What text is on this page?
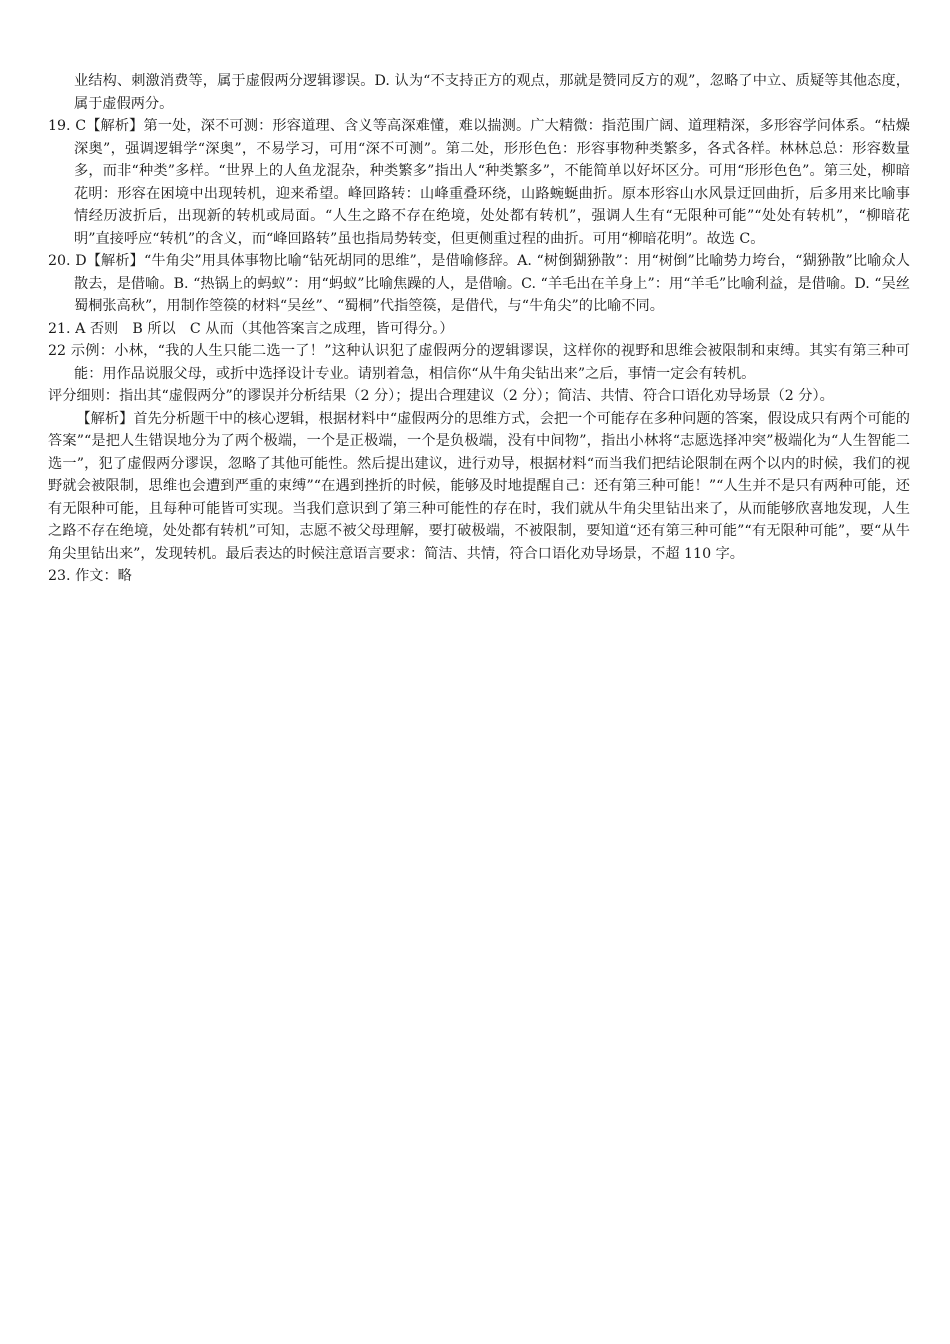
业结构、刺激消费等，属于虚假两分逻辑谬误。D. 认为“不支持正方的观点，那就是赞同反方的观”，忽略了中立、质疑等其他态度，属于虚假两分。

19. C【解析】第一处，深不可测：形容道理、含义等高深难懂，难以揣测。广大精微：指范围广阔、道理精深，多形容学问体系。“枯燥深奥”，强调逻辑学“深奥”，不易学习，可用“深不可测”。第二处，形形色色：形容事物种类繁多，各式各样。林林总总：形容数量多，而非“种类”多样。“世界上的人鱼龙混杂，种类繁多”指出人“种类繁多”，不能简单以好坏区分。可用“形形色色”。第三处，柳暗花明：形容在困境中出现转机，迎来希望。峰回路转：山峰重叠环绕，山路蜿蜒曲折。原本形容山水风景迂回曲折，后多用来比喻事情经历波折后，出现新的转机或局面。“人生之路不存在绝境，处处都有转机”，强调人生有“无限种可能”“处处有转机”，“柳暗花明”直接呼应“转机”的含义，而“峰回路转”虽也指局势转变，但更侧重过程的曲折。可用“柳暗花明”。故选 C。

20. D【解析】“牛角尖”用具体事物比喻“钻死胡同的思维”，是借喻修辞。A. “树倒猢狲散”：用“树倒”比喻势力垮台，“猢狲散”比喻众人散去，是借喻。B. “热锅上的蚂蚁”：用“蚂蚁”比喻焦躁的人，是借喻。C. “羊毛出在羊身上”：用“羊毛”比喻利益，是借喻。D. “吴丝蜀桐张高秋”，用制作箜篌的材料“吴丝”、“蜀桐”代指箜篌，是借代，与“牛角尖”的比喻不同。

21. A 否则　B 所以　C 从而（其他答案言之成理，皆可得分。）

22 示例：小林，“我的人生只能二选一了！”这种认识犯了虚假两分的逻辑谬误，这样你的视野和思维会被限制和束缚。其实有第三种可能：用作品说服父母，或折中选择设计专业。请别着急，相信你“从牛角尖钻出来”之后，事情一定会有转机。

评分细则：指出其“虚假两分”的谬误并分析结果（2 分）；提出合理建议（2 分）；简洁、共情、符合口语化劝导场景（2 分）。

【解析】首先分析题干中的核心逻辑，根据材料中“虚假两分的思维方式，会把一个可能存在多种问题的答案，假设成只有两个可能的答案”“是把人生错误地分为了两个极端，一个是正极端，一个是负极端，没有中间物”，指出小林将“志愿选择冲突”极端化为“人生智能二选一”，犯了虚假两分谬误，忽略了其他可能性。然后提出建议，进行劝导，根据材料“而当我们把结论限制在两个以内的时候，我们的视野就会被限制，思维也会遭到严重的束缚”“在遇到挫折的时候，能够及时地提醒自己：还有第三种可能！”“人生并不是只有两种可能，还有无限种可能，且每种可能皆可实现。当我们意识到了第三种可能性的存在时，我们就从牛角尖里钻出来了，从而能够欣喜地发现，人生之路不存在绝境，处处都有转机”可知，志愿不被父母理解，要打破极端，不被限制，要知道“还有第三种可能”“有无限种可能”，要“从牛角尖里钻出来”，发现转机。最后表达的时候注意语言要求：简洁、共情，符合口语化劝导场景，不超 110 字。

23. 作文：略
